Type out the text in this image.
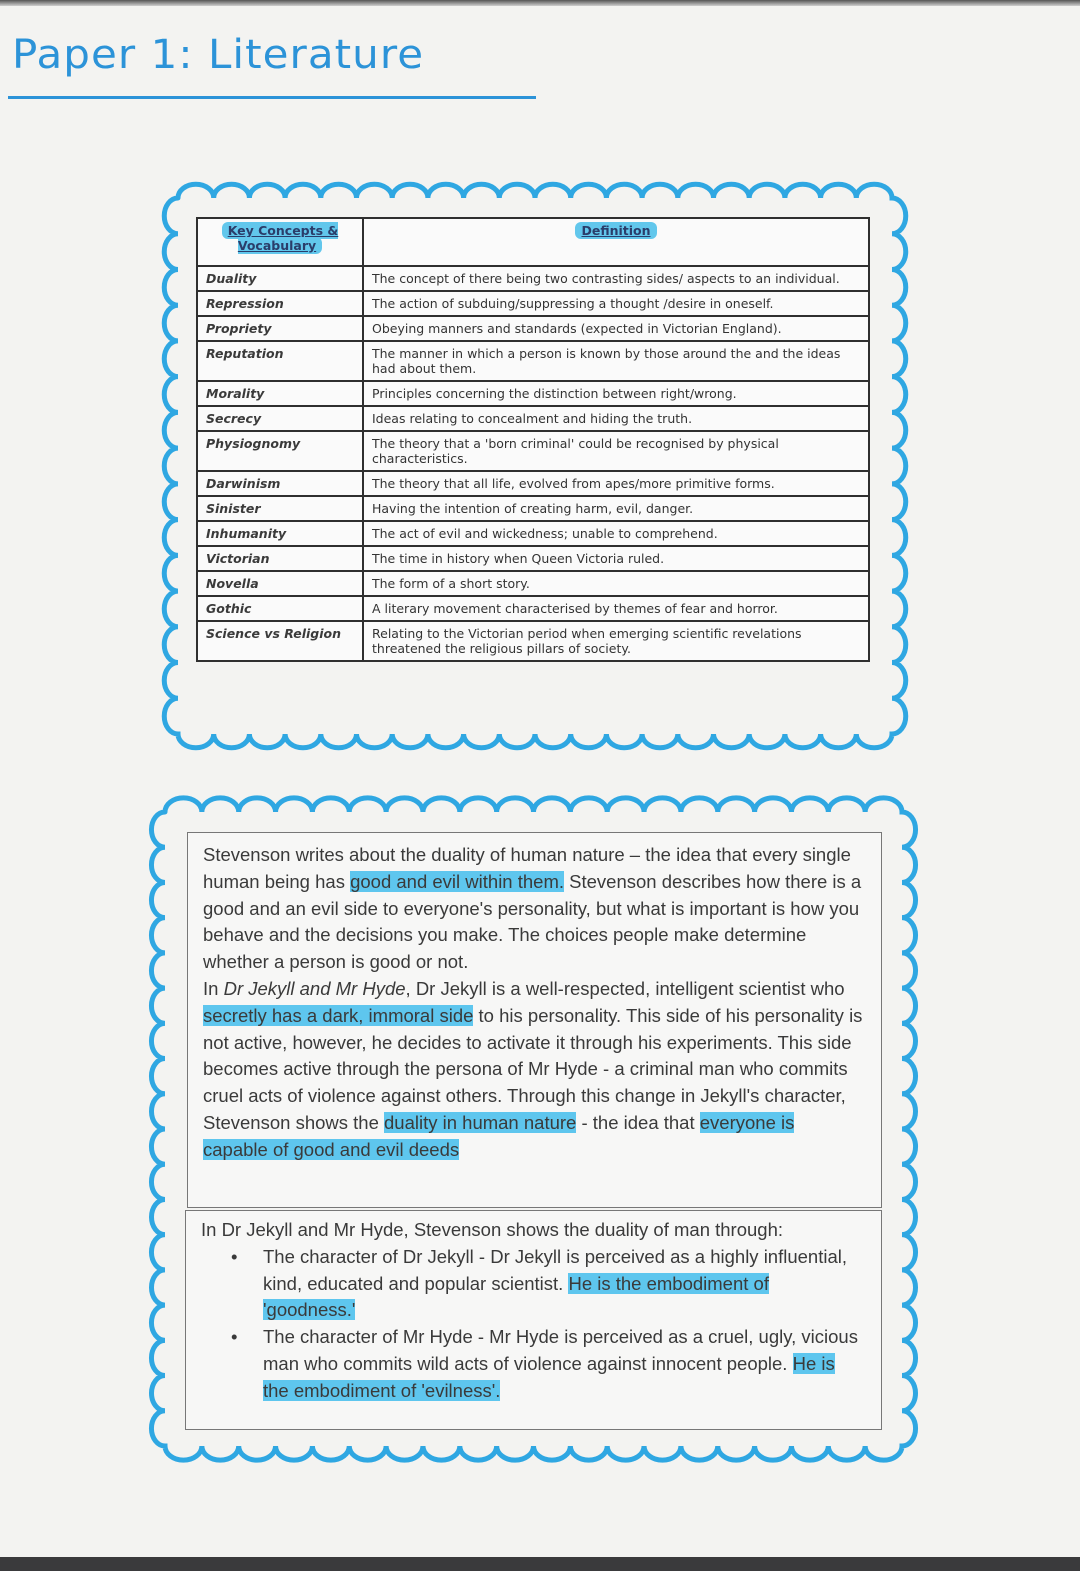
Paper 1: Literature
Key Concepts & Vocabulary	Definition
Duality	The concept of there being two contrasting sides/ aspects to an individual.
Repression	The action of subduing/suppressing a thought /desire in oneself.
Propriety	Obeying manners and standards (expected in Victorian England).
Reputation	The manner in which a person is known by those around the and the ideas had about them.
Morality	Principles concerning the distinction between right/wrong.
Secrecy	Ideas relating to concealment and hiding the truth.
Physiognomy	The theory that a 'born criminal' could be recognised by physical characteristics.
Darwinism	The theory that all life, evolved from apes/more primitive forms.
Sinister	Having the intention of creating harm, evil, danger.
Inhumanity	The act of evil and wickedness; unable to comprehend.
Victorian	The time in history when Queen Victoria ruled.
Novella	The form of a short story.
Gothic	A literary movement characterised by themes of fear and horror.
Science vs Religion	Relating to the Victorian period when emerging scientific revelations threatened the religious pillars of society.

Stevenson writes about the duality of human nature – the idea that every single human being has good and evil within them. Stevenson describes how there is a good and an evil side to everyone's personality, but what is important is how you behave and the decisions you make. The choices people make determine whether a person is good or not.

In Dr Jekyll and Mr Hyde, Dr Jekyll is a well-respected, intelligent scientist who secretly has a dark, immoral side to his personality. This side of his personality is not active, however, he decides to activate it through his experiments. This side becomes active through the persona of Mr Hyde - a criminal man who commits cruel acts of violence against others. Through this change in Jekyll's character, Stevenson shows the duality in human nature - the idea that everyone is capable of good and evil deeds

In Dr Jekyll and Mr Hyde, Stevenson shows the duality of man through:

• The character of Dr Jekyll - Dr Jekyll is perceived as a highly influential, kind, educated and popular scientist. He is the embodiment of 'goodness.'
• The character of Mr Hyde - Mr Hyde is perceived as a cruel, ugly, vicious man who commits wild acts of violence against innocent people. He is the embodiment of 'evilness'.
